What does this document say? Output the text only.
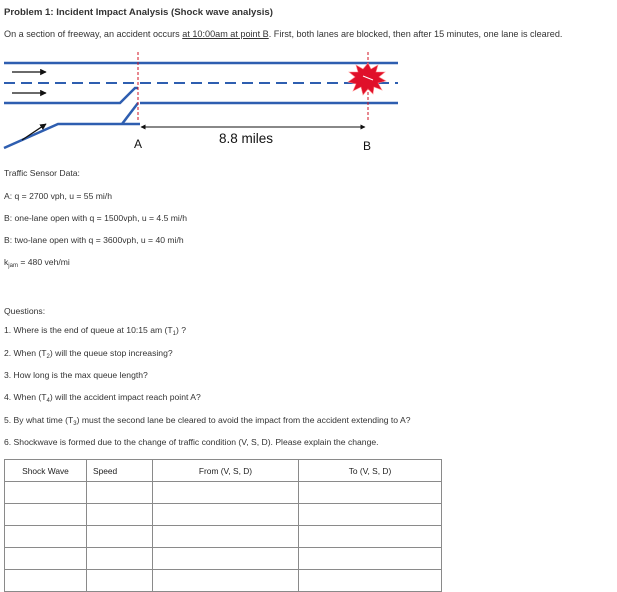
Problem 1: Incident Impact Analysis (Shock wave analysis)
On a section of freeway, an accident occurs at 10:00am at point B. First, both lanes are blocked, then after 15 minutes, one lane is cleared.
A	B
8.8 miles
Traffic Sensor Data:
A: q = 2700 vph, u = 55 mi/h
B: one-lane open with q = 1500vph, u = 4.5 mi/h
B: two-lane open with q = 3600vph, u = 40 mi/h
$k_{jam} = 480$ veh/mi
Questions:
1. Where is the end of queue at 10:15 am $(T_1)$ ?
2. When $(T_2)$ will the queue stop increasing?
3. How long is the max queue length?
4. When $(T_4)$ will the accident impact reach point A?
5. By what time $(T_3)$ must the second lane be cleared to avoid the impact from the accident extending to A?
6. Shockwave is formed due to the change of traffic condition (V, S, D). Please explain the change.
Shock Wave	Speed	From (V, S, D)	To (V, S, D)
